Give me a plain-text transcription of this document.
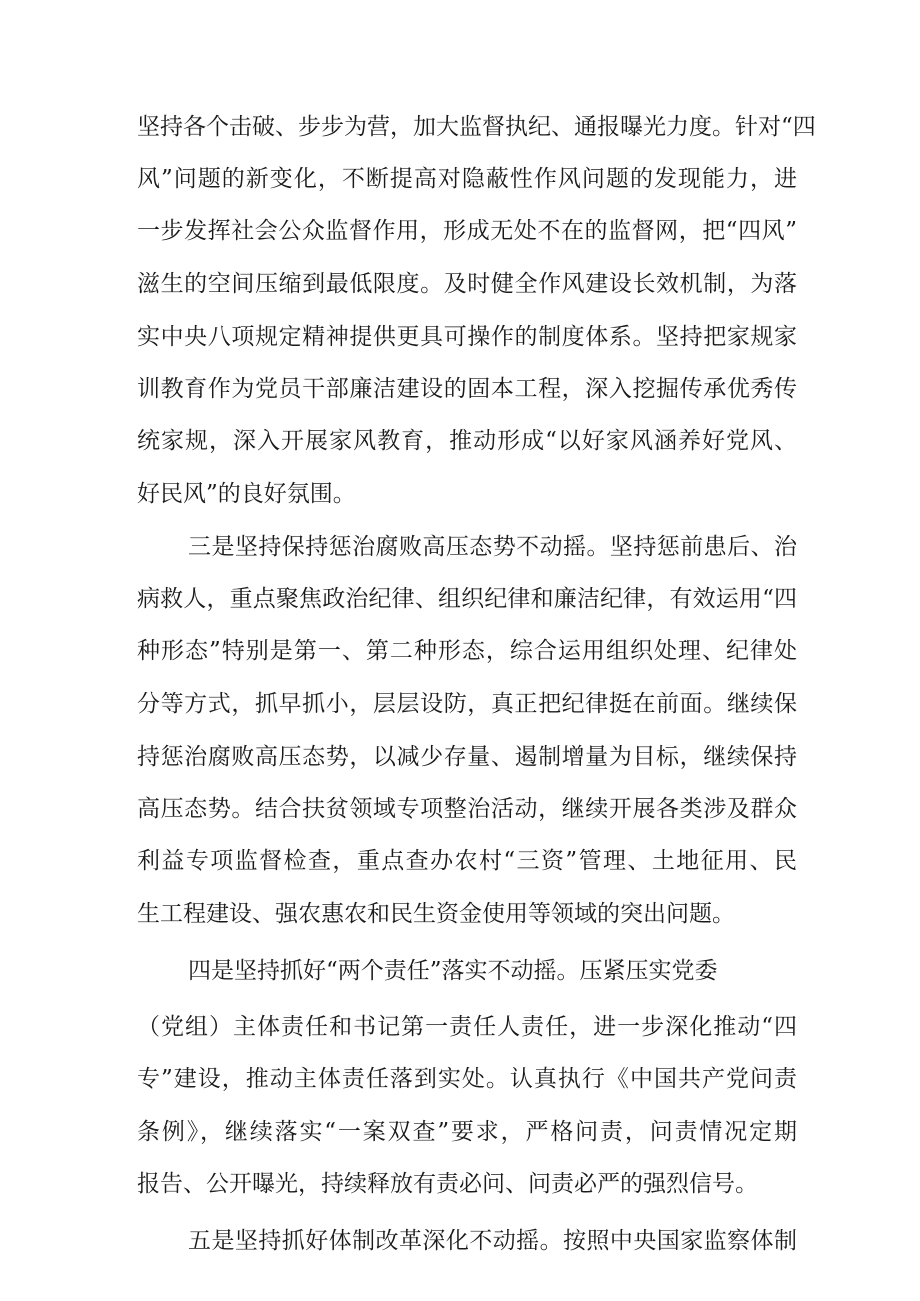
坚持各个击破、步步为营，加大监督执纪、通报曝光力度。针对“四
风”问题的新变化，不断提高对隐蔽性作风问题的发现能力，进
一步发挥社会公众监督作用，形成无处不在的监督网，把“四风”
滋生的空间压缩到最低限度。及时健全作风建设长效机制，为落
实中央八项规定精神提供更具可操作的制度体系。坚持把家规家
训教育作为党员干部廉洁建设的固本工程，深入挖掘传承优秀传
统家规，深入开展家风教育，推动形成“以好家风涵养好党风、
好民风”的良好氛围。
三是坚持保持惩治腐败高压态势不动摇。坚持惩前患后、治
病救人，重点聚焦政治纪律、组织纪律和廉洁纪律，有效运用“四
种形态”特别是第一、第二种形态，综合运用组织处理、纪律处
分等方式，抓早抓小，层层设防，真正把纪律挺在前面。继续保
持惩治腐败高压态势，以减少存量、遏制增量为目标，继续保持
高压态势。结合扶贫领域专项整治活动，继续开展各类涉及群众
利益专项监督检查，重点查办农村“三资”管理、土地征用、民
生工程建设、强农惠农和民生资金使用等领域的突出问题。
四是坚持抓好“两个责任”落实不动摇。压紧压实党委
（党组）主体责任和书记第一责任人责任，进一步深化推动“四
专”建设，推动主体责任落到实处。认真执行《中国共产党问责
条例》，继续落实“一案双查”要求，严格问责，问责情况定期
报告、公开曝光，持续释放有责必问、问责必严的强烈信号。
五是坚持抓好体制改革深化不动摇。按照中央国家监察体制
